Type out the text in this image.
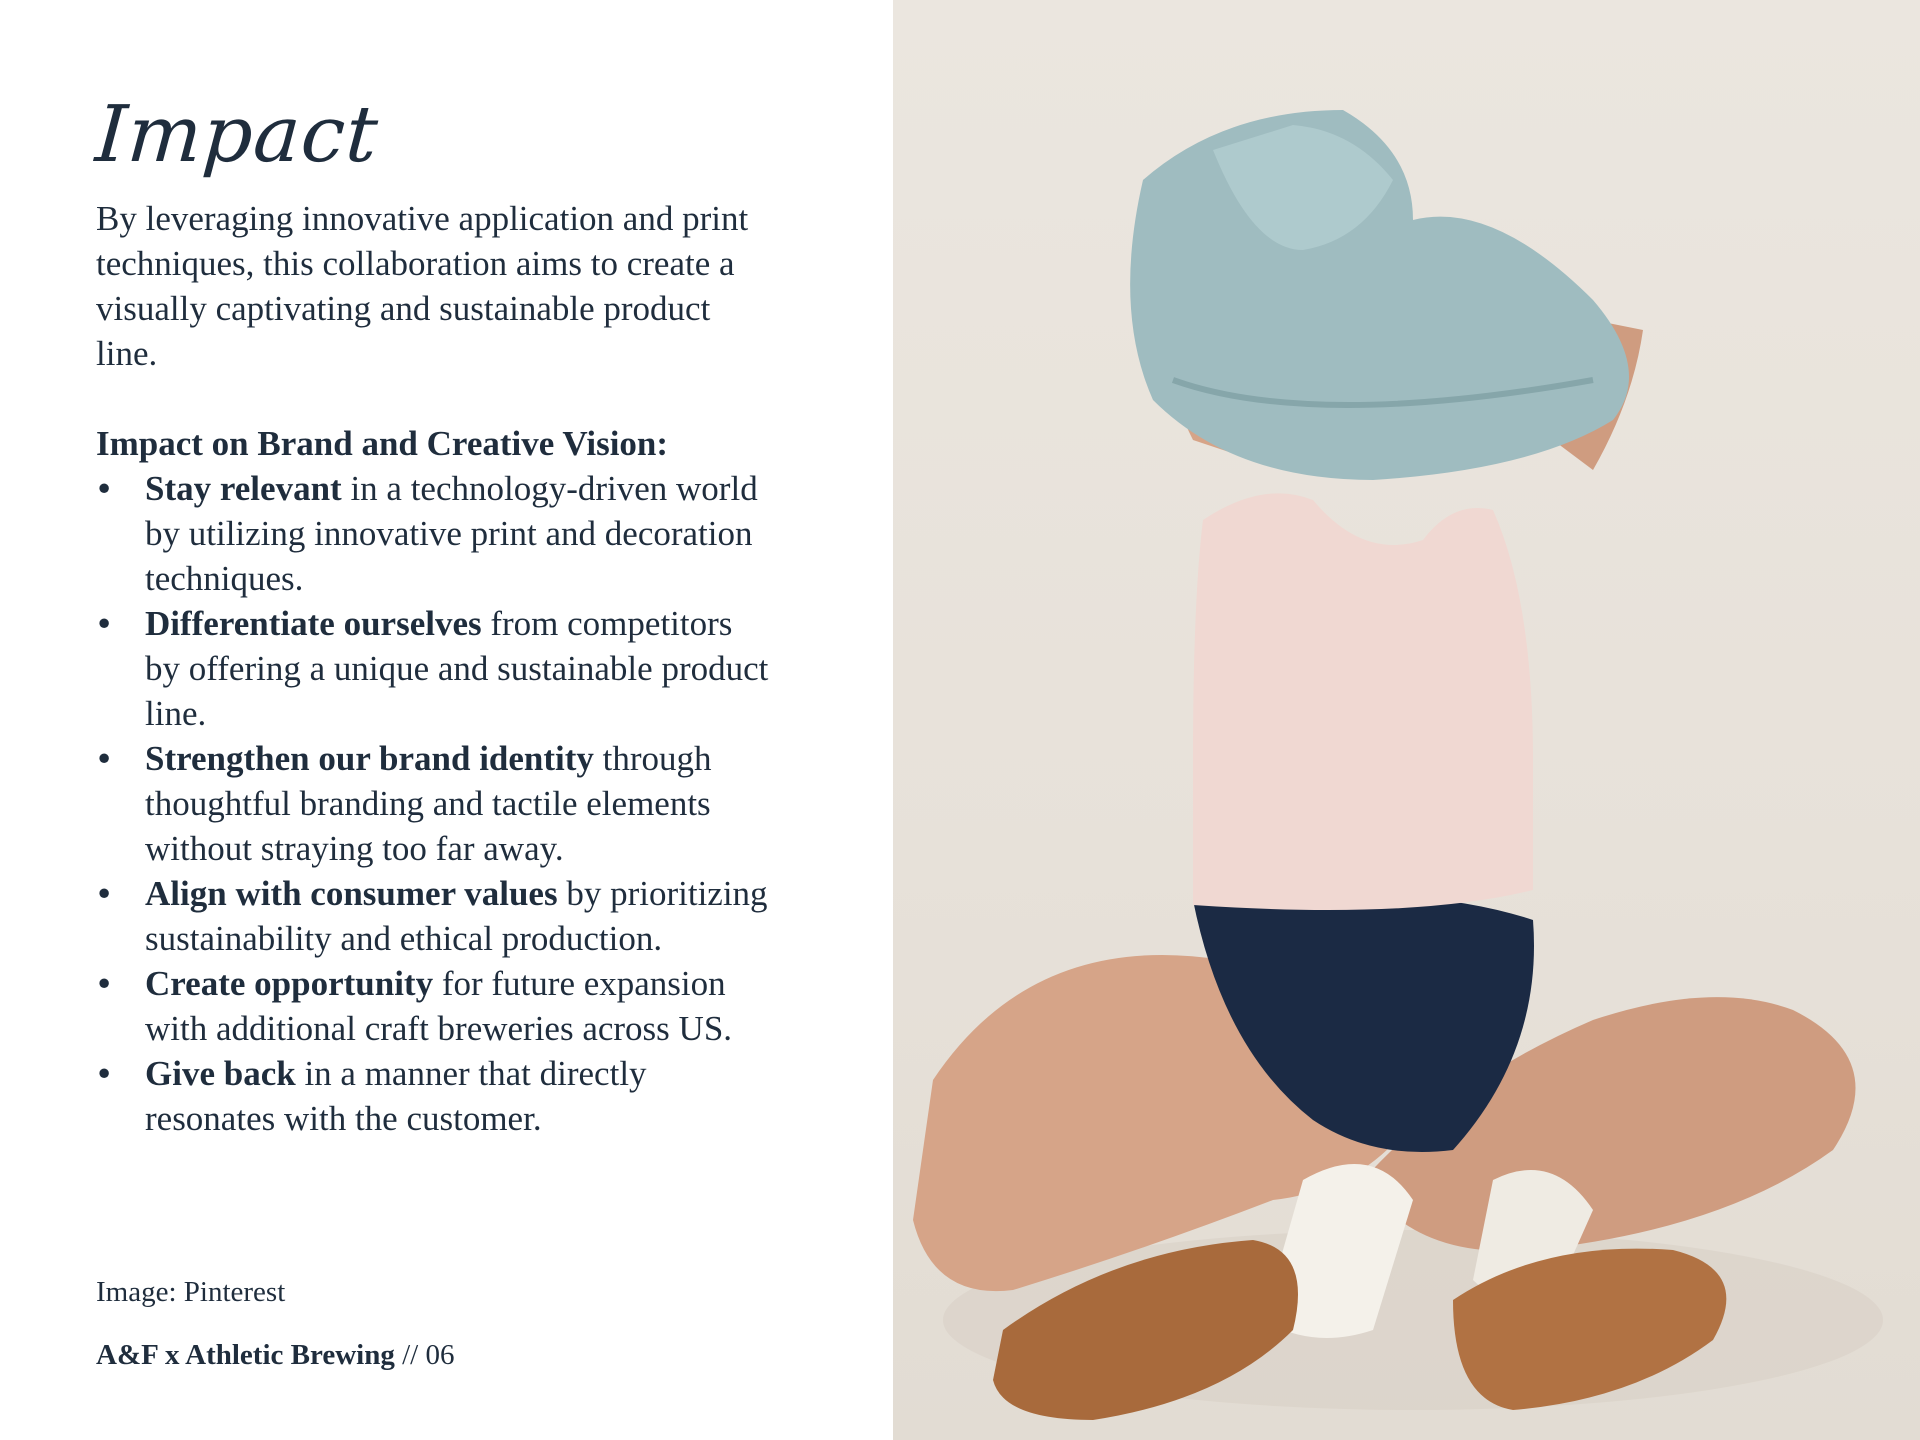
Impact

By leveraging innovative application and print techniques, this collaboration aims to create a visually captivating and sustainable product line.

Impact on Brand and Creative Vision:

• Stay relevant in a technology-driven world by utilizing innovative print and decoration techniques.
• Differentiate ourselves from competitors by offering a unique and sustainable product line.
• Strengthen our brand identity through thoughtful branding and tactile elements without straying too far away.
• Align with consumer values by prioritizing sustainability and ethical production.
• Create opportunity for future expansion with additional craft breweries across US.
• Give back in a manner that directly resonates with the customer.
Image: Pinterest
A&F x Athletic Brewing // 06
